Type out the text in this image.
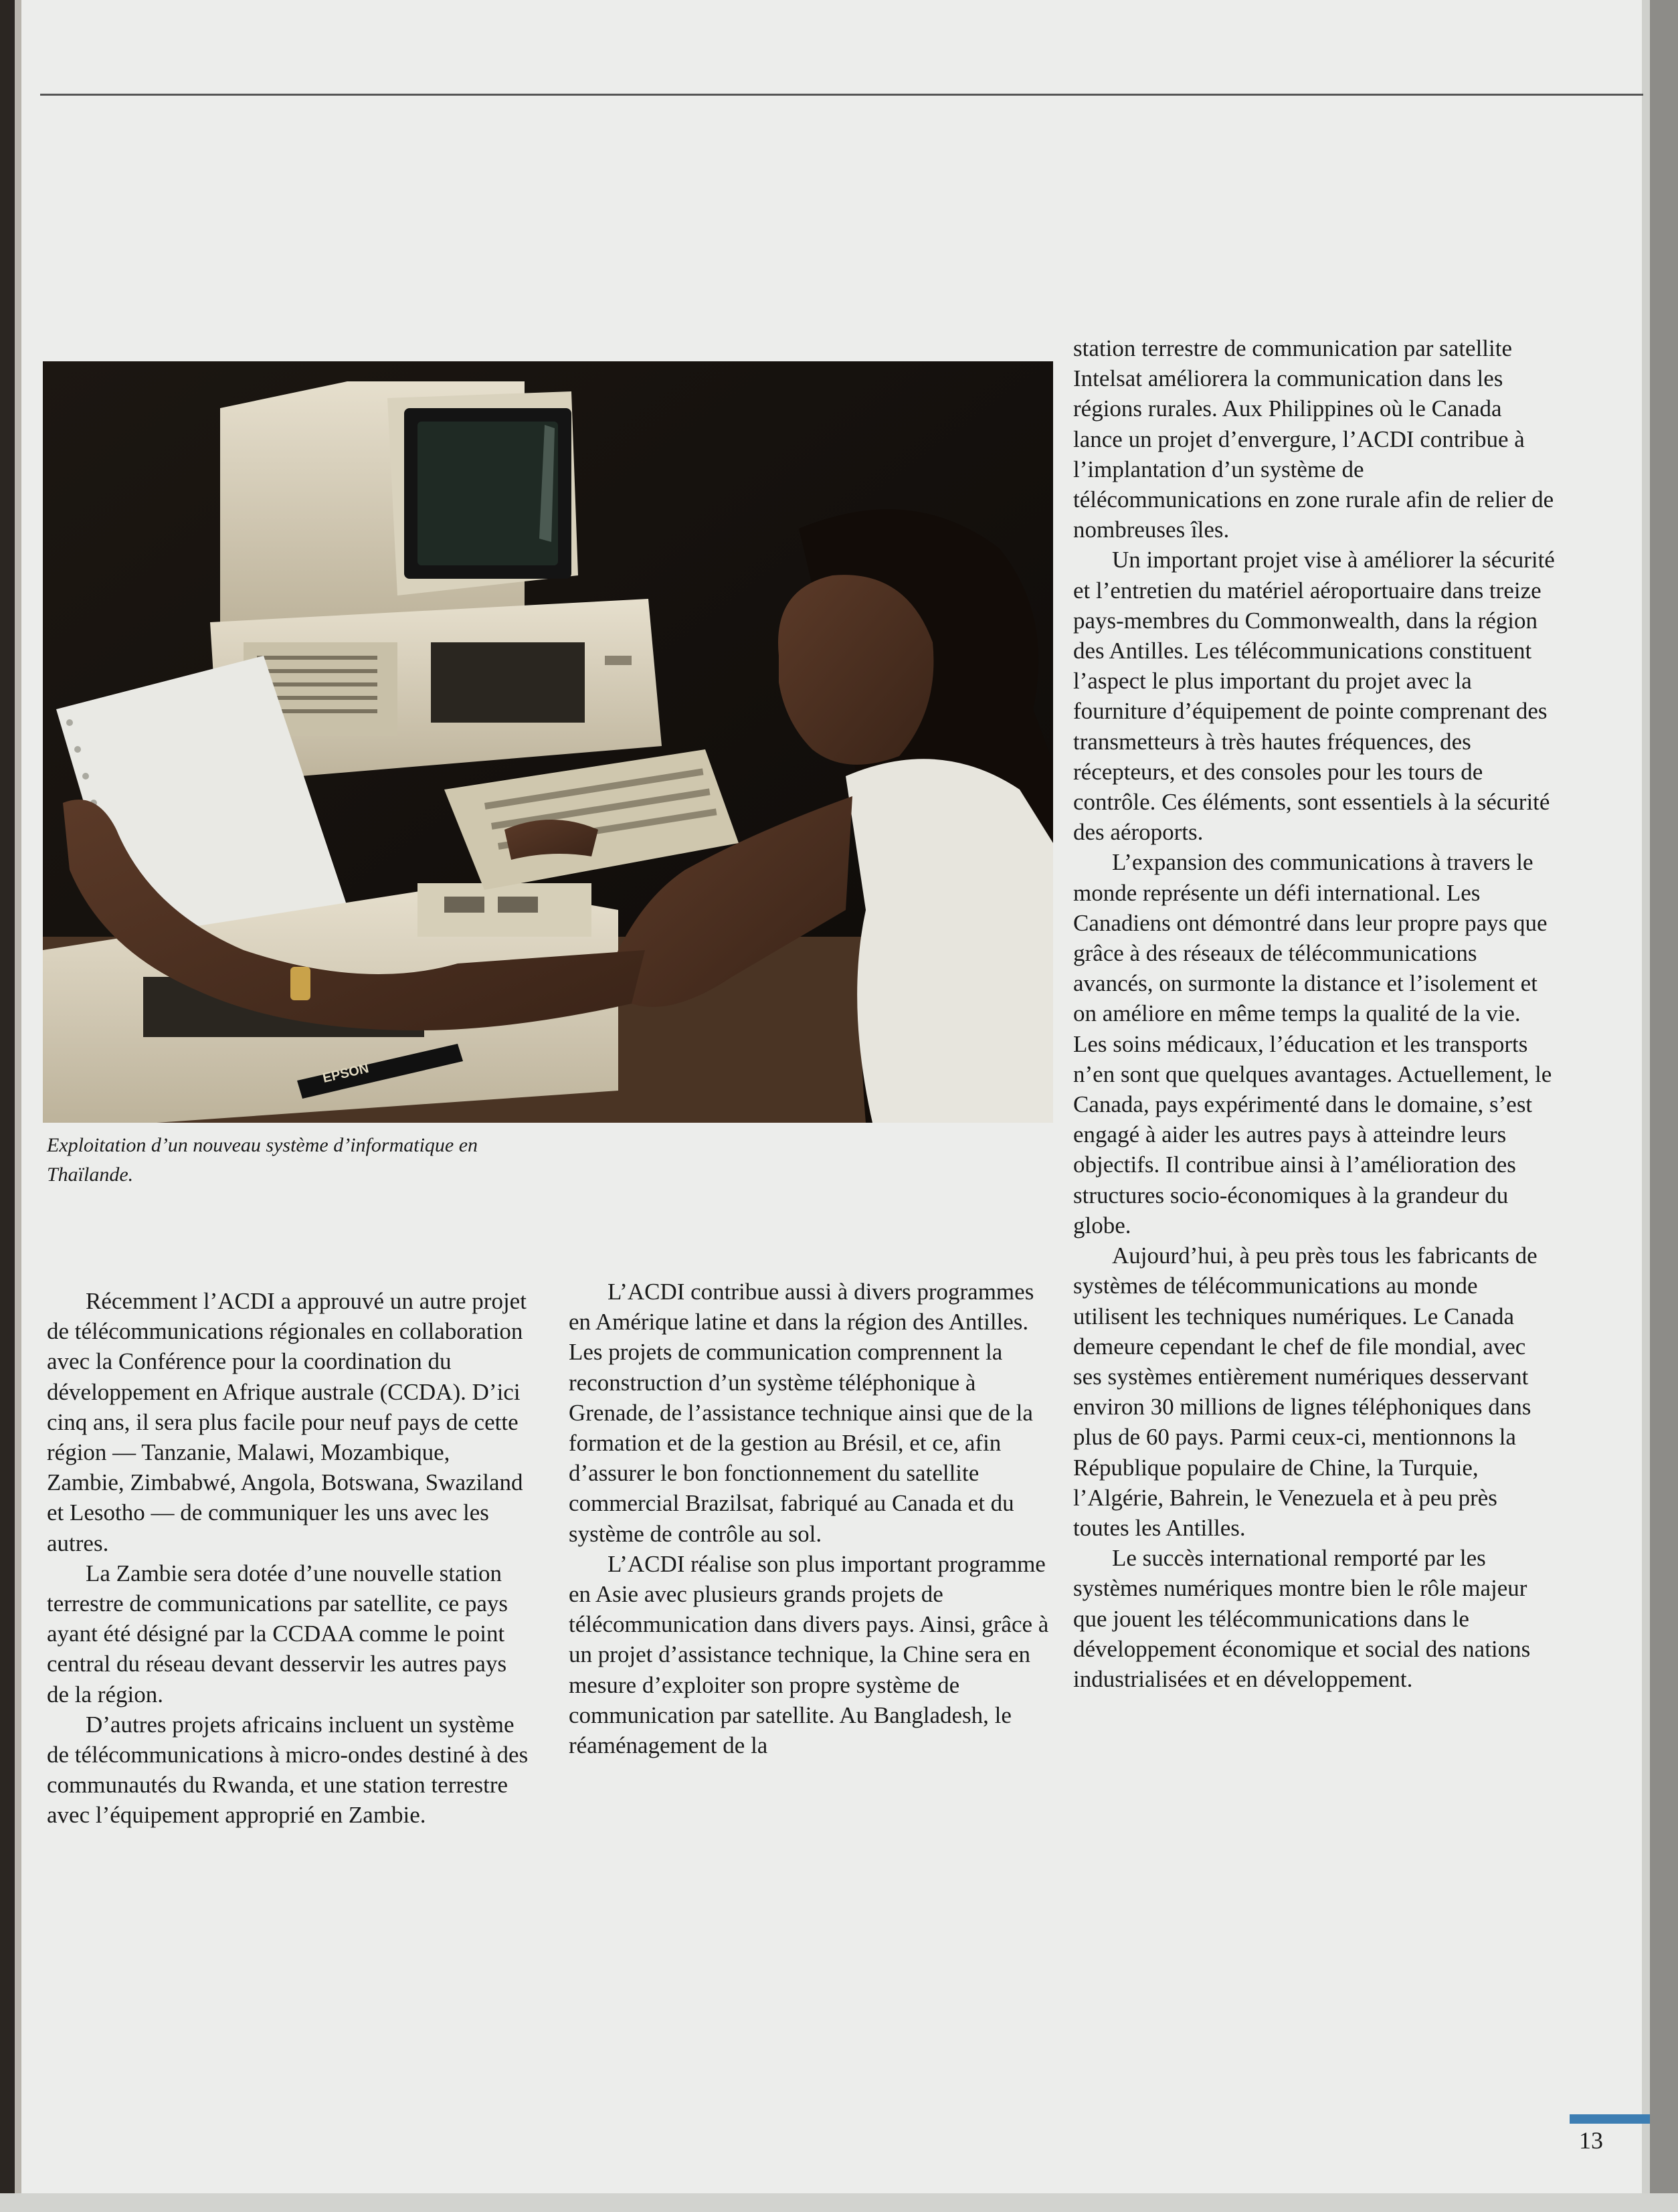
EPSON

Exploitation d’un nouveau système d’informatique en Thaïlande.

station terrestre de communication par satellite Intelsat améliorera la communication dans les régions rurales. Aux Philippines où le Canada lance un projet d’envergure, l’ACDI contribue à l’implantation d’un système de télécommunications en zone rurale afin de relier de nombreuses îles.

Un important projet vise à améliorer la sécurité et l’entretien du matériel aéroportuaire dans treize pays-membres du Commonwealth, dans la région des Antilles. Les télécommunications constituent l’aspect le plus important du projet avec la fourniture d’équipement de pointe comprenant des transmetteurs à très hautes fréquences, des récepteurs, et des consoles pour les tours de contrôle. Ces éléments, sont essentiels à la sécurité des aéroports.

L’expansion des communications à travers le monde représente un défi international. Les Canadiens ont démontré dans leur propre pays que grâce à des réseaux de télécommunications avancés, on surmonte la distance et l’isolement et on améliore en même temps la qualité de la vie. Les soins médicaux, l’éducation et les transports n’en sont que quelques avantages. Actuellement, le Canada, pays expérimenté dans le domaine, s’est engagé à aider les autres pays à atteindre leurs objectifs. Il contribue ainsi à l’amélioration des structures socio-économiques à la grandeur du globe.

Aujourd’hui, à peu près tous les fabricants de systèmes de télécommunications au monde utilisent les techniques numériques. Le Canada demeure cependant le chef de file mondial, avec ses systèmes entièrement numériques desservant environ 30 millions de lignes téléphoniques dans plus de 60 pays. Parmi ceux-ci, mentionnons la République populaire de Chine, la Turquie, l’Algérie, Bahrein, le Venezuela et à peu près toutes les Antilles.

Le succès international remporté par les systèmes numériques montre bien le rôle majeur que jouent les télécommunications dans le développement économique et social des nations industrialisées et en développement.

Récemment l’ACDI a approuvé un autre projet de télécommunications régionales en collaboration avec la Conférence pour la coordination du développement en Afrique australe (CCDA). D’ici cinq ans, il sera plus facile pour neuf pays de cette région — Tanzanie, Malawi, Mozambique, Zambie, Zimbabwé, Angola, Botswana, Swaziland et Lesotho — de communiquer les uns avec les autres.

La Zambie sera dotée d’une nouvelle station terrestre de communications par satellite, ce pays ayant été désigné par la CCDAA comme le point central du réseau devant desservir les autres pays de la région.

D’autres projets africains incluent un système de télécommunications à micro-ondes destiné à des communautés du Rwanda, et une station terrestre avec l’équipement approprié en Zambie.

L’ACDI contribue aussi à divers programmes en Amérique latine et dans la région des Antilles. Les projets de communication comprennent la reconstruction d’un système téléphonique à Grenade, de l’assistance technique ainsi que de la formation et de la gestion au Brésil, et ce, afin d’assurer le bon fonctionnement du satellite commercial Brazilsat, fabriqué au Canada et du système de contrôle au sol.

L’ACDI réalise son plus important programme en Asie avec plusieurs grands projets de télécommunication dans divers pays. Ainsi, grâce à un projet d’assistance technique, la Chine sera en mesure d’exploiter son propre système de communication par satellite. Au Bangladesh, le réaménagement de la

13
